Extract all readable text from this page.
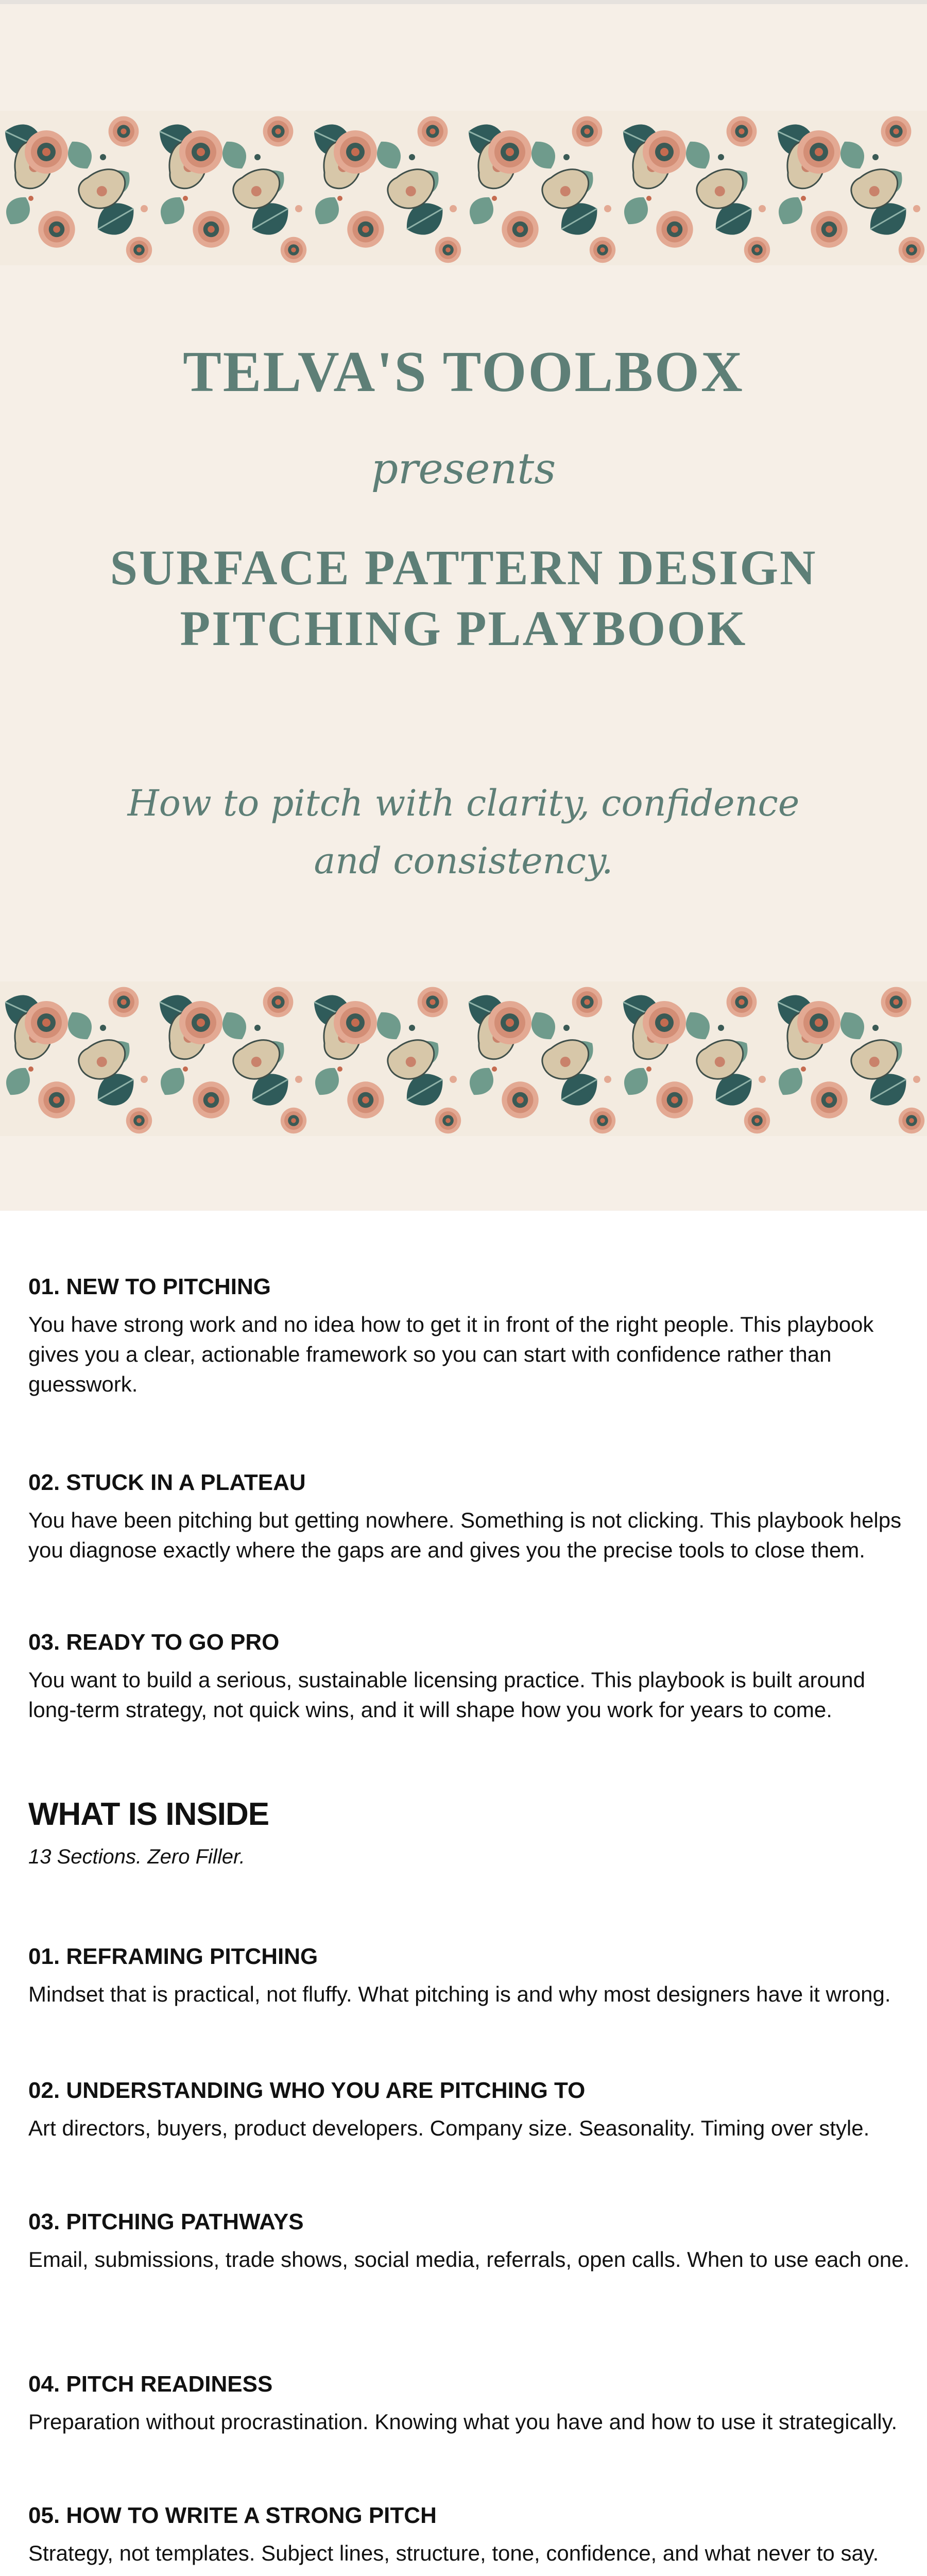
TELVA'S TOOLBOX
presents
SURFACE PATTERN DESIGN
PITCHING PLAYBOOK
How to pitch with clarity, confidence and consistency.
01. NEW TO PITCHING

You have strong work and no idea how to get it in front of the right people. This playbook gives you a clear, actionable framework so you can start with confidence rather than guesswork.

02. STUCK IN A PLATEAU

You have been pitching but getting nowhere. Something is not clicking. This playbook helps you diagnose exactly where the gaps are and gives you the precise tools to close them.

03. READY TO GO PRO

You want to build a serious, sustainable licensing practice. This playbook is built around long-term strategy, not quick wins, and it will shape how you work for years to come.

WHAT IS INSIDE

13 Sections. Zero Filler.

01. REFRAMING PITCHING

Mindset that is practical, not fluffy. What pitching is and why most designers have it wrong.

02. UNDERSTANDING WHO YOU ARE PITCHING TO

Art directors, buyers, product developers. Company size. Seasonality. Timing over style.

03. PITCHING PATHWAYS

Email, submissions, trade shows, social media, referrals, open calls. When to use each one.

04. PITCH READINESS

Preparation without procrastination. Knowing what you have and how to use it strategically.

05. HOW TO WRITE A STRONG PITCH

Strategy, not templates. Subject lines, structure, tone, confidence, and what never to say.
